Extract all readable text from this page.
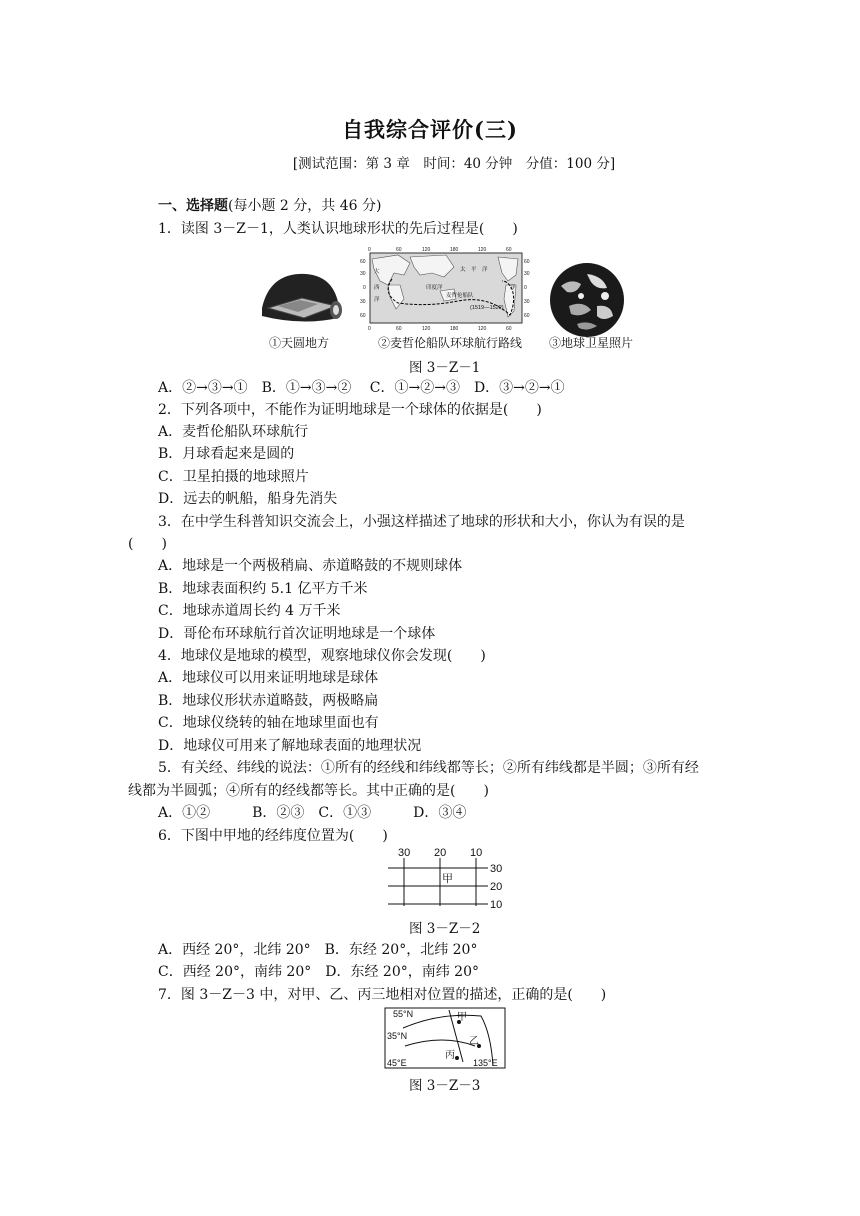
自我综合评价(三)
[测试范围：第 3 章　时间：40 分钟　分值：100 分]
一、选择题(每小题 2 分，共 46 分)
1．读图 3－Z－1，人类认识地球形状的先后过程是(　　)
0	60	120	180	120	60
0	60	120	180	120	60
60
30
0
30
60
60
30
0
30
60
太　平　洋
印度洋
麦哲伦船队
(1519—1522)
大
西
洋
洋
①天圆地方	②麦哲伦船队环球航行路线 ③地球卫星照片
图 3－Z－1
A．②→③→①　B．①→③→②　 C．①→②→③　D．③→②→①
2．下列各项中，不能作为证明地球是一个球体的依据是(　　)
A．麦哲伦船队环球航行
B．月球看起来是圆的
C．卫星拍摄的地球照片
D．远去的帆船，船身先消失
3．在中学生科普知识交流会上，小强这样描述了地球的形状和大小，你认为有误的是
(　　)
A．地球是一个两极稍扁、赤道略鼓的不规则球体
B．地球表面积约 5.1 亿平方千米
C．地球赤道周长约 4 万千米
D．哥伦布环球航行首次证明地球是一个球体
4．地球仪是地球的模型，观察地球仪你会发现(　　)
A．地球仪可以用来证明地球是球体
B．地球仪形状赤道略鼓，两极略扁
C．地球仪绕转的轴在地球里面也有
D．地球仪可用来了解地球表面的地理状况
5．有关经、纬线的说法：①所有的经线和纬线都等长；②所有纬线都是半圆；③所有经
线都为半圆弧；④所有的经线都等长。其中正确的是(　　)
A．①②　　　B．②③　C．①③　　　D．③④
6．下图中甲地的经纬度位置为(　　)
30 20 10
30
20
10
甲
图 3－Z－2
A．西经 20°，北纬 20°　B．东经 20°，北纬 20°
C．西经 20°，南纬 20°　D．东经 20°，南纬 20°
7．图 3－Z－3 中，对甲、乙、丙三地相对位置的描述，正确的是(　　)
55°N
35°N
45°E	135°E
甲
乙
丙
图 3－Z－3
